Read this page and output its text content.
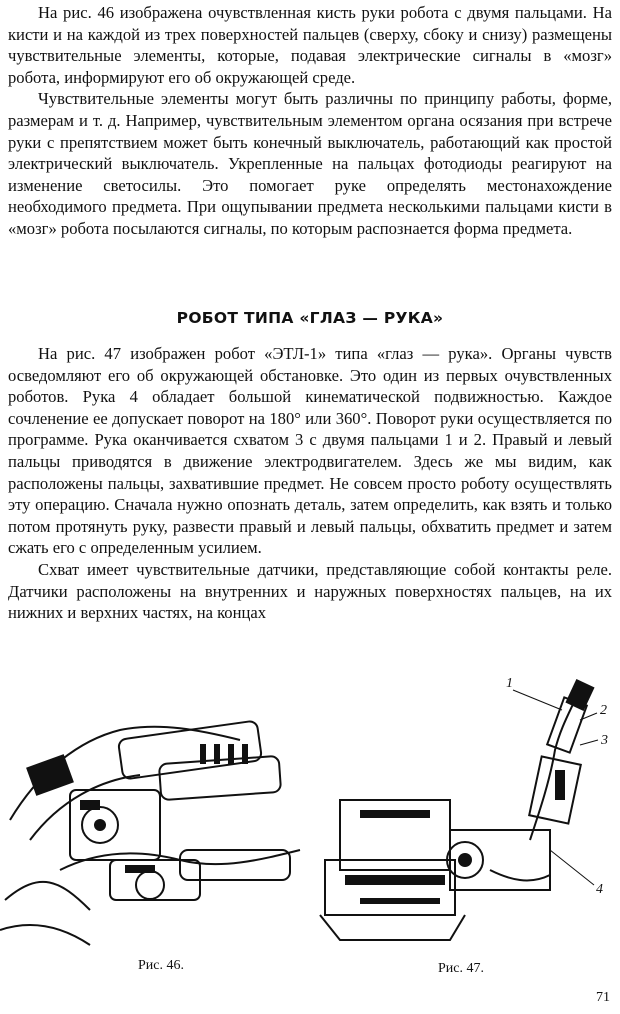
На рис. 46 изображена очувствленная кисть руки робота с двумя пальцами. На кисти и на каждой из трех поверхностей пальцев (сверху, сбоку и снизу) размещены чувствительные элементы, которые, подавая электрические сигналы в «мозг» робота, информируют его об окружающей среде.

Чувствительные элементы могут быть различны по принципу работы, форме, размерам и т. д. Например, чувствительным элементом органа осязания при встрече руки с препятствием может быть конечный выключатель, работающий как простой электрический выключатель. Укрепленные на пальцах фотодиоды реагируют на изменение светосилы. Это помогает руке определять местонахождение необходимого предмета. При ощупывании предмета несколькими пальцами кисти в «мозг» робота посылаются сигналы, по которым распознается форма предмета.

РОБОТ ТИПА «ГЛАЗ — РУКА»

На рис. 47 изображен робот «ЭТЛ-1» типа «глаз — рука». Органы чувств осведомляют его об окружающей обстановке. Это один из первых очувствленных роботов. Рука 4 обладает большой кинематической подвижностью. Каждое сочленение ее допускает поворот на 180° или 360°. Поворот руки осуществляется по программе. Рука оканчивается схватом 3 с двумя пальцами 1 и 2. Правый и левый пальцы приводятся в движение электродвигателем. Здесь же мы видим, как расположены пальцы, захватившие предмет. Не совсем просто роботу осуществлять эту операцию. Сначала нужно опознать деталь, затем определить, как взять и только потом протянуть руку, развести правый и левый пальцы, обхватить предмет и затем сжать его с определенным усилием.

Схват имеет чувствительные датчики, представляющие собой контакты реле. Датчики расположены на внутренних и наружных поверхностях пальцев, на их нижних и верхних частях, на концах

1
2
3
4
Рис. 46.	Рис. 47.
71
